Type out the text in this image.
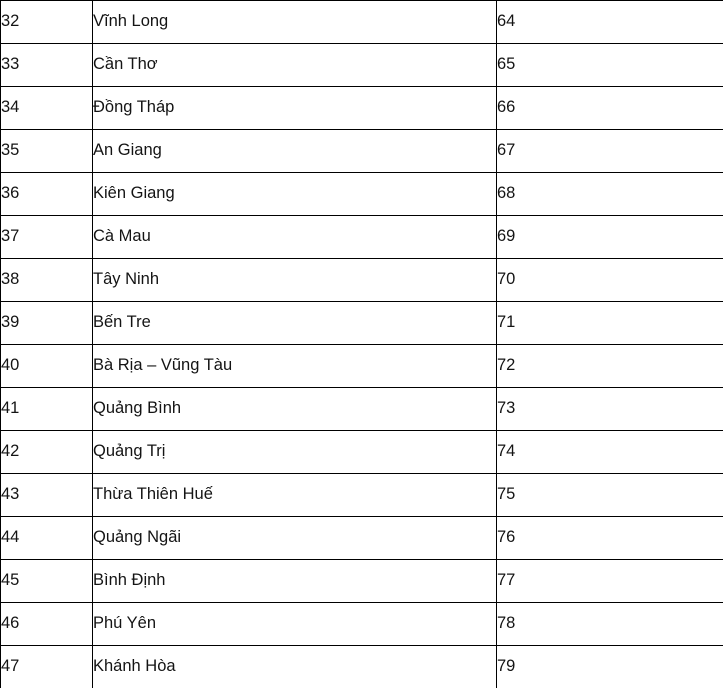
32	Vĩnh Long	64
33	Cần Thơ	65
34	Đồng Tháp	66
35	An Giang	67
36	Kiên Giang	68
37	Cà Mau	69
38	Tây Ninh	70
39	Bến Tre	71
40	Bà Rịa – Vũng Tàu	72
41	Quảng Bình	73
42	Quảng Trị	74
43	Thừa Thiên Huế	75
44	Quảng Ngãi	76
45	Bình Định	77
46	Phú Yên	78
47	Khánh Hòa	79
